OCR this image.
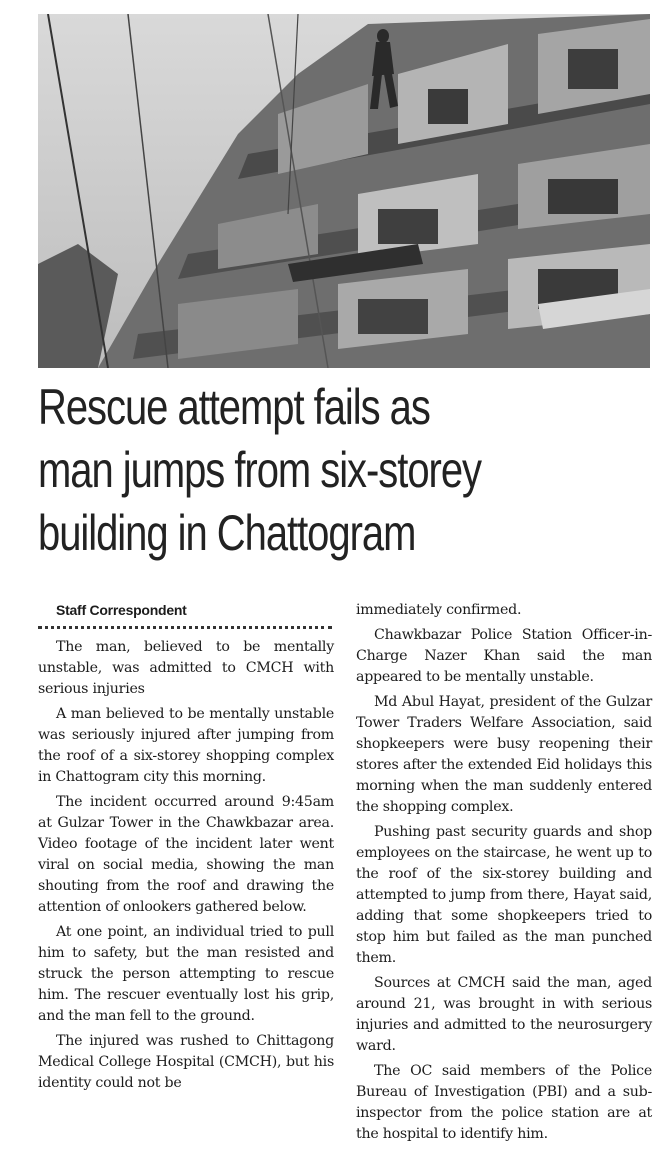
Rescue attempt fails as
man jumps from six-storey
building in Chattogram

Staff Correspondent

The man, believed to be mentally unstable, was admitted to CMCH with serious injuries

A man believed to be mentally unstable was seriously injured after jumping from the roof of a six-storey shopping complex in Chattogram city this morning.

The incident occurred around 9:45am at Gulzar Tower in the Chawkbazar area. Video footage of the incident later went viral on social media, showing the man shouting from the roof and drawing the attention of onlookers gathered below.

At one point, an individual tried to pull him to safety, but the man resisted and struck the person attempting to rescue him. The rescuer eventually lost his grip, and the man fell to the ground.

The injured was rushed to Chittagong Medical College Hospital (CMCH), but his identity could not be

immediately confirmed.

Chawkbazar Police Station Officer-in-Charge Nazer Khan said the man appeared to be mentally unstable.

Md Abul Hayat, president of the Gulzar Tower Traders Welfare Association, said shopkeepers were busy reopening their stores after the extended Eid holidays this morning when the man suddenly entered the shopping complex.

Pushing past security guards and shop employees on the staircase, he went up to the roof of the six-storey building and attempted to jump from there, Hayat said, adding that some shopkeepers tried to stop him but failed as the man punched them.

Sources at CMCH said the man, aged around 21, was brought in with serious injuries and admitted to the neurosurgery ward.

The OC said members of the Police Bureau of Investigation (PBI) and a sub-inspector from the police station are at the hospital to identify him.
